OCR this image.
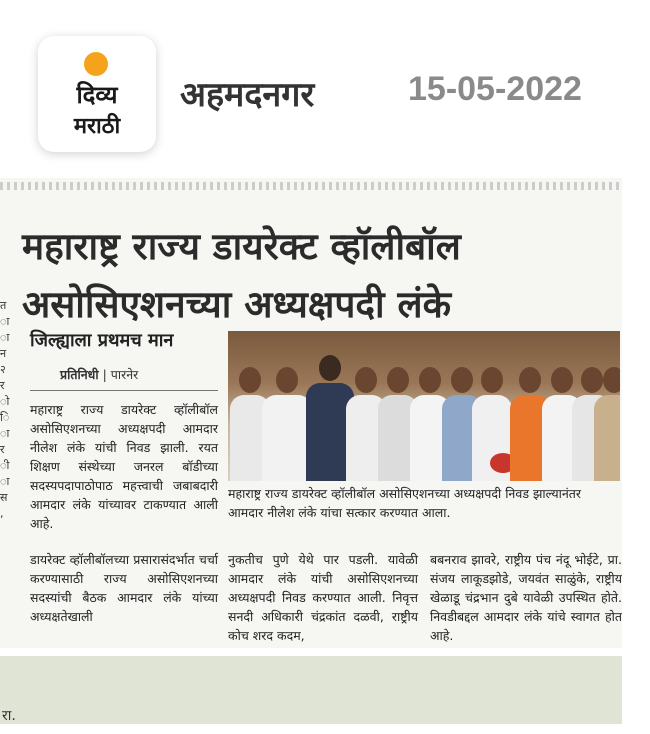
दिव्य
मराठी
अहमदनगर	15-05-2022
महाराष्ट्र राज्य डायरेक्ट व्हॉलीबॉल
असोसिएशनच्या अध्यक्षपदी लंके
त ा ा न २ र ो ि ा र ी ा स ,
जिल्ह्याला प्रथमच मान
प्रतिनिधी | पारनेर
महाराष्ट्र राज्य डायरेक्ट व्हॉलीबॉल असोसिएशनच्या अध्यक्षपदी आमदार नीलेश लंके यांची निवड झाली. रयत शिक्षण संस्थेच्या जनरल बॉडीच्या सदस्यपदापाठोपाठ महत्त्वाची जबाबदारी आमदार लंके यांच्यावर टाकण्यात आली आहे.
डायरेक्ट व्हॉलीबॉलच्या प्रसारासंदर्भात चर्चा करण्यासाठी राज्य असोसिएशनच्या सदस्यांची बैठक आमदार लंके यांच्या अध्यक्षतेखाली
महाराष्ट्र राज्य डायरेक्ट व्हॉलीबॉल असोसिएशनच्या अध्यक्षपदी निवड झाल्यानंतर आमदार नीलेश लंके यांचा सत्कार करण्यात आला.
नुकतीच पुणे येथे पार पडली. यावेळी आमदार लंके यांची असोसिएशनच्या अध्यक्षपदी निवड करण्यात आली. निवृत्त सनदी अधिकारी चंद्रकांत दळवी, राष्ट्रीय कोच शरद कदम,
बबनराव झावरे, राष्ट्रीय पंच नंदू भोईटे, प्रा. संजय लाकूडझोडे, जयवंत साळुंके, राष्ट्रीय खेळाडू चंद्रभान दुबे यावेळी उपस्थित होते. निवडीबद्दल आमदार लंके यांचे स्वागत होत आहे.
रा.
